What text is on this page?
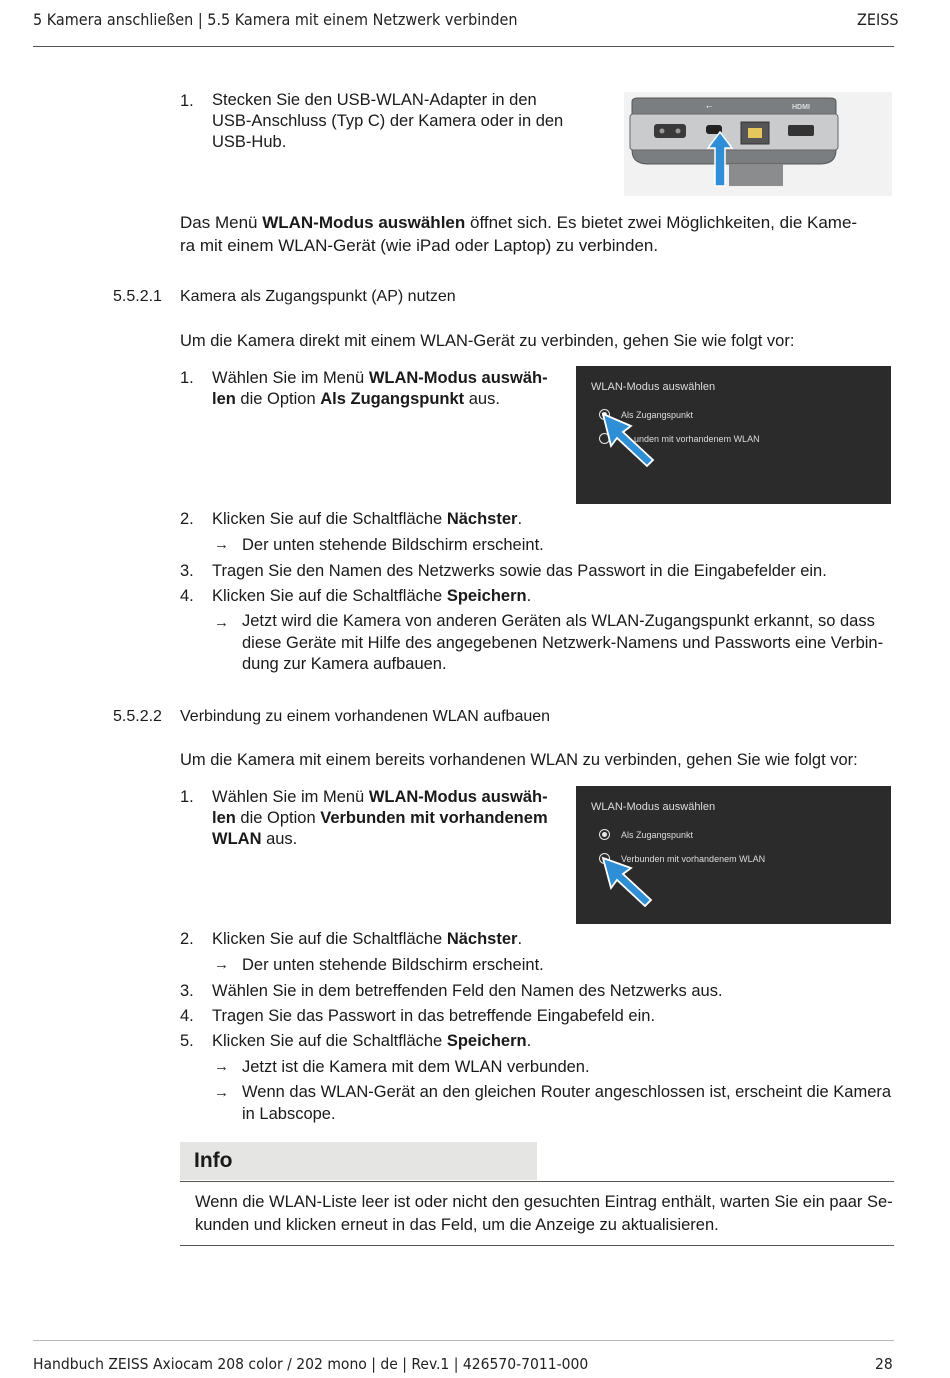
5 Kamera anschließen | 5.5 Kamera mit einem Netzwerk verbinden	ZEISS
1.	Stecken Sie den USB-WLAN-Adapter in den
USB-Anschluss (Typ C) der Kamera oder in den
USB-Hub.
HDMI
⭠
Das Menü WLAN-Modus auswählen öffnet sich. Es bietet zwei Möglichkeiten, die Kame-
ra mit einem WLAN-Gerät (wie iPad oder Laptop) zu verbinden.
5.5.2.1 Kamera als Zugangspunkt (AP) nutzen
Um die Kamera direkt mit einem WLAN-Gerät zu verbinden, gehen Sie wie folgt vor:
1.	Wählen Sie im Menü WLAN-Modus auswäh-
len die Option Als Zugangspunkt aus.
WLAN-Modus auswählen
Als Zugangspunkt
unden mit vorhandenem WLAN
2.	Klicken Sie auf die Schaltfläche Nächster.
→ Der unten stehende Bildschirm erscheint.
3.	Tragen Sie den Namen des Netzwerks sowie das Passwort in die Eingabefelder ein.
4.	Klicken Sie auf die Schaltfläche Speichern.
→ Jetzt wird die Kamera von anderen Geräten als WLAN-Zugangspunkt erkannt, so dass
diese Geräte mit Hilfe des angegebenen Netzwerk-Namens und Passworts eine Verbin-
dung zur Kamera aufbauen.
5.5.2.2 Verbindung zu einem vorhandenen WLAN aufbauen
Um die Kamera mit einem bereits vorhandenen WLAN zu verbinden, gehen Sie wie folgt vor:
1.	Wählen Sie im Menü WLAN-Modus auswäh-
len die Option Verbunden mit vorhandenem
WLAN aus.
WLAN-Modus auswählen
Als Zugangspunkt
Verbunden mit vorhandenem WLAN
2.	Klicken Sie auf die Schaltfläche Nächster.
→ Der unten stehende Bildschirm erscheint.
3.	Wählen Sie in dem betreffenden Feld den Namen des Netzwerks aus.
4.	Tragen Sie das Passwort in das betreffende Eingabefeld ein.
5.	Klicken Sie auf die Schaltfläche Speichern.
→ Jetzt ist die Kamera mit dem WLAN verbunden.
→ Wenn das WLAN-Gerät an den gleichen Router angeschlossen ist, erscheint die Kamera
in Labscope.
Info
Wenn die WLAN-Liste leer ist oder nicht den gesuchten Eintrag enthält, warten Sie ein paar Se-
kunden und klicken erneut in das Feld, um die Anzeige zu aktualisieren.
Handbuch ZEISS Axiocam 208 color / 202 mono | de | Rev.1 | 426570-7011-000	28
